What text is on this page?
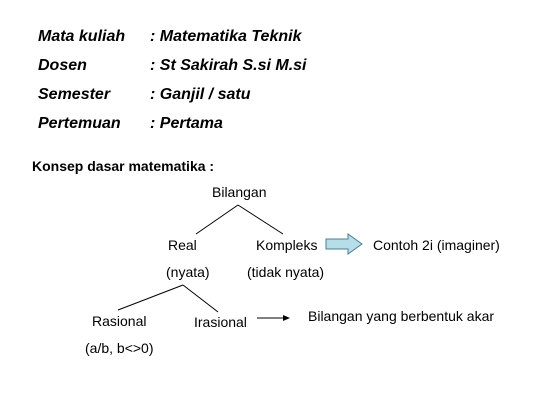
Mata kuliah : Matematika Teknik
Dosen	: St Sakirah S.si M.si
Semester : Ganjil / satu
Pertemuan : Pertama
Konsep dasar matematika :
Bilangan
Real
(nyata)
Kompleks
(tidak nyata)
Contoh 2i (imaginer)
Rasional
(a/b, b<>0)
Irasional	Bilangan yang berbentuk akar
